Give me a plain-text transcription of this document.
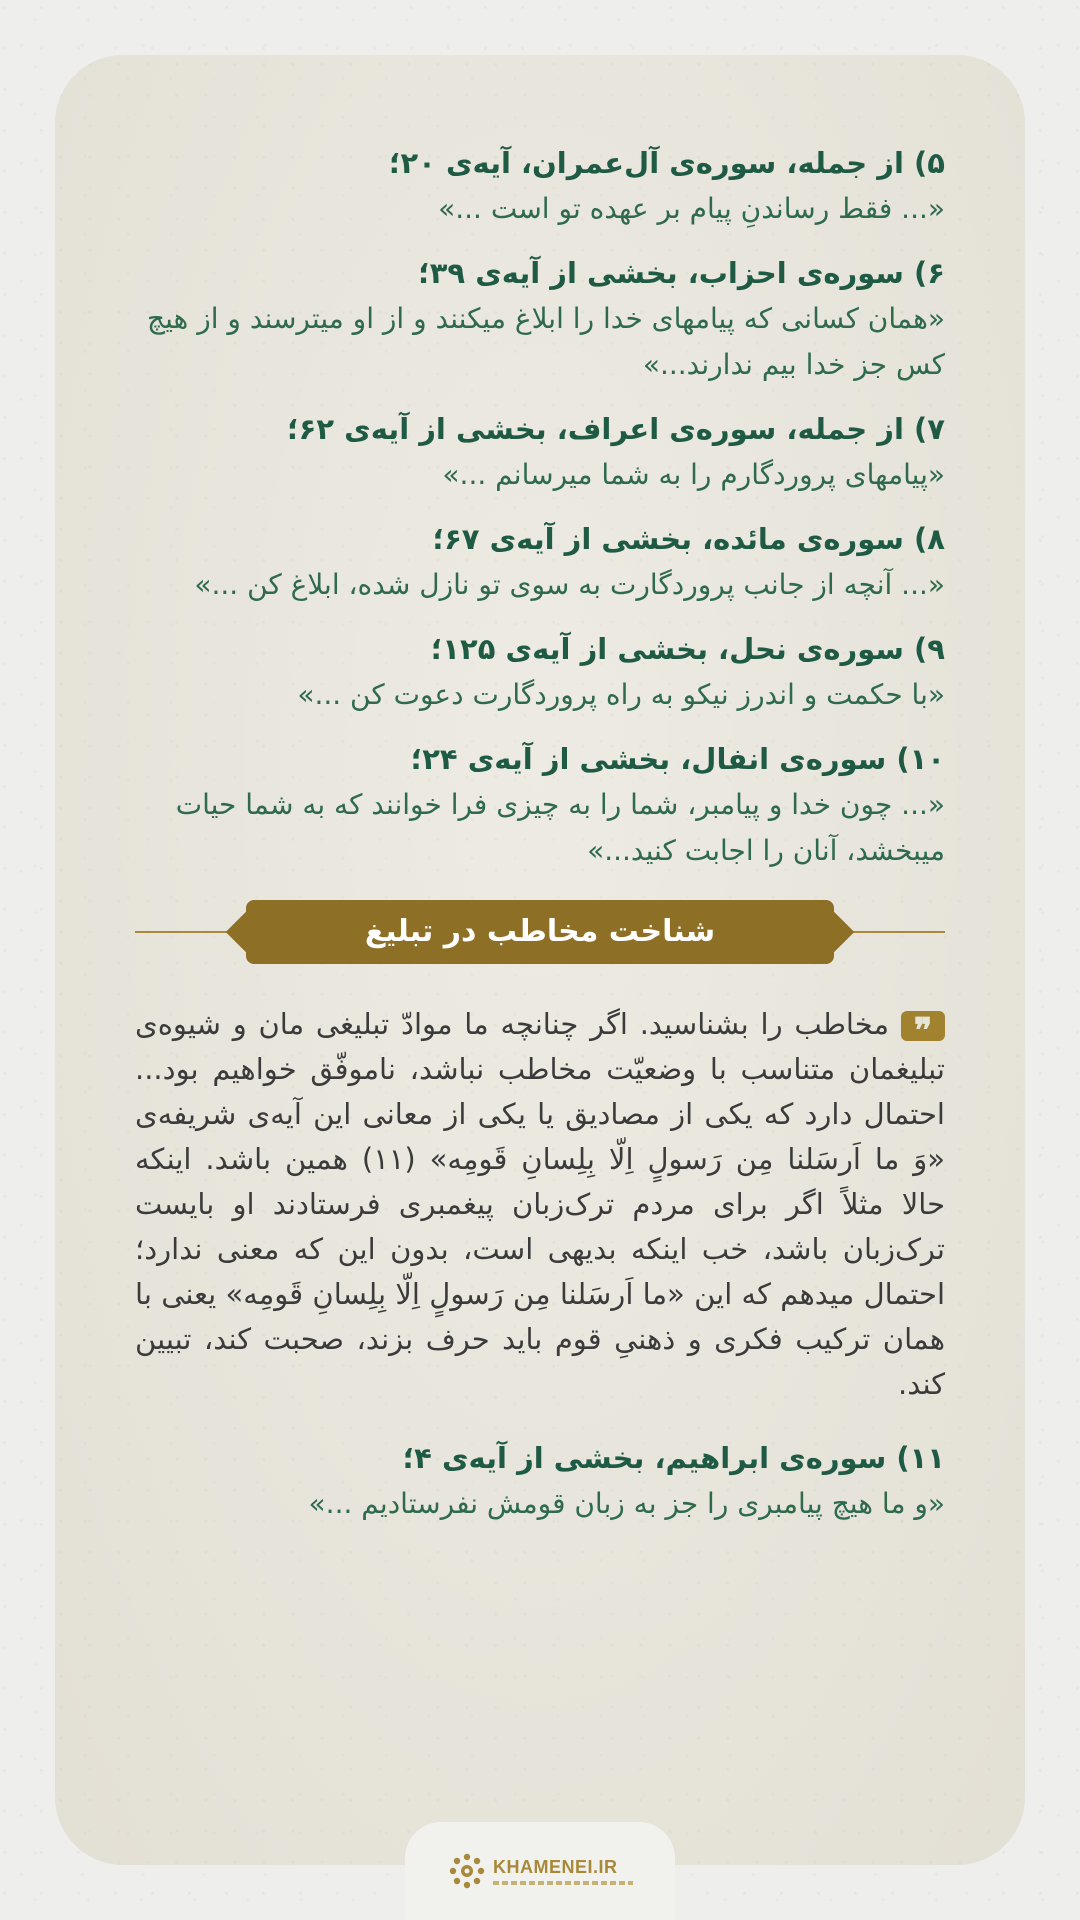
۵) از جمله، سوره‌ی آل‌عمران، آیه‌ی ۲۰؛
«... فقط رساندنِ پیام بر عهده تو است ...»
۶) سوره‌ی احزاب، بخشی از آیه‌ی ۳۹؛
«همان کسانی که پیامهای خدا را ابلاغ میکنند و از او میترسند و از هیچ کس جز خدا بیم ندارند...»
۷) از جمله، سوره‌ی اعراف، بخشی از آیه‌ی ۶۲؛
«پیامهای پروردگارم را به شما میرسانم ...»
۸) سوره‌ی مائده، بخشی از آیه‌ی ۶۷؛
«... آنچه از جانب پروردگارت به سوی تو نازل شده، ابلاغ کن ...»
۹) سوره‌ی نحل، بخشی از آیه‌ی ۱۲۵؛
«با حکمت و اندرز نیکو به راه پروردگارت دعوت کن ...»
۱۰) سوره‌ی انفال، بخشی از آیه‌ی ۲۴؛
«... چون خدا و پیامبر، شما را به چیزی فرا خوانند که به شما حیات میبخشد، آنان را اجابت کنید...»
شناخت مخاطب در تبلیغ

❞مخاطب را بشناسید. اگر چنانچه ما موادّ تبلیغی مان و شیوه‌ی تبلیغمان متناسب با وضعیّت مخاطب نباشد، ناموفّق خواهیم بود... احتمال دارد که یکی از مصادیق یا یکی از معانی این آیه‌ی شریفه‌ی «وَ ما اَرسَلنا مِن رَسولٍ اِلّا بِلِسانِ قَومِه» (۱۱) همین باشد. اینکه حالا مثلاً اگر برای مردم ترک‌زبان پیغمبری فرستادند او بایست ترک‌زبان باشد، خب اینکه بدیهی است، بدون این که معنی ندارد؛ احتمال میدهم که این «ما اَرسَلنا مِن رَسولٍ اِلّا بِلِسانِ قَومِه» یعنی با همان ترکیب فکری و ذهنیِ قوم باید حرف بزند، صحبت کند، تبیین کند.

۱۱) سوره‌ی ابراهیم، بخشی از آیه‌ی ۴؛
«و ما هیچ پیامبری را جز به زبان قومش نفرستادیم ...»
KHAMENEI.IR
